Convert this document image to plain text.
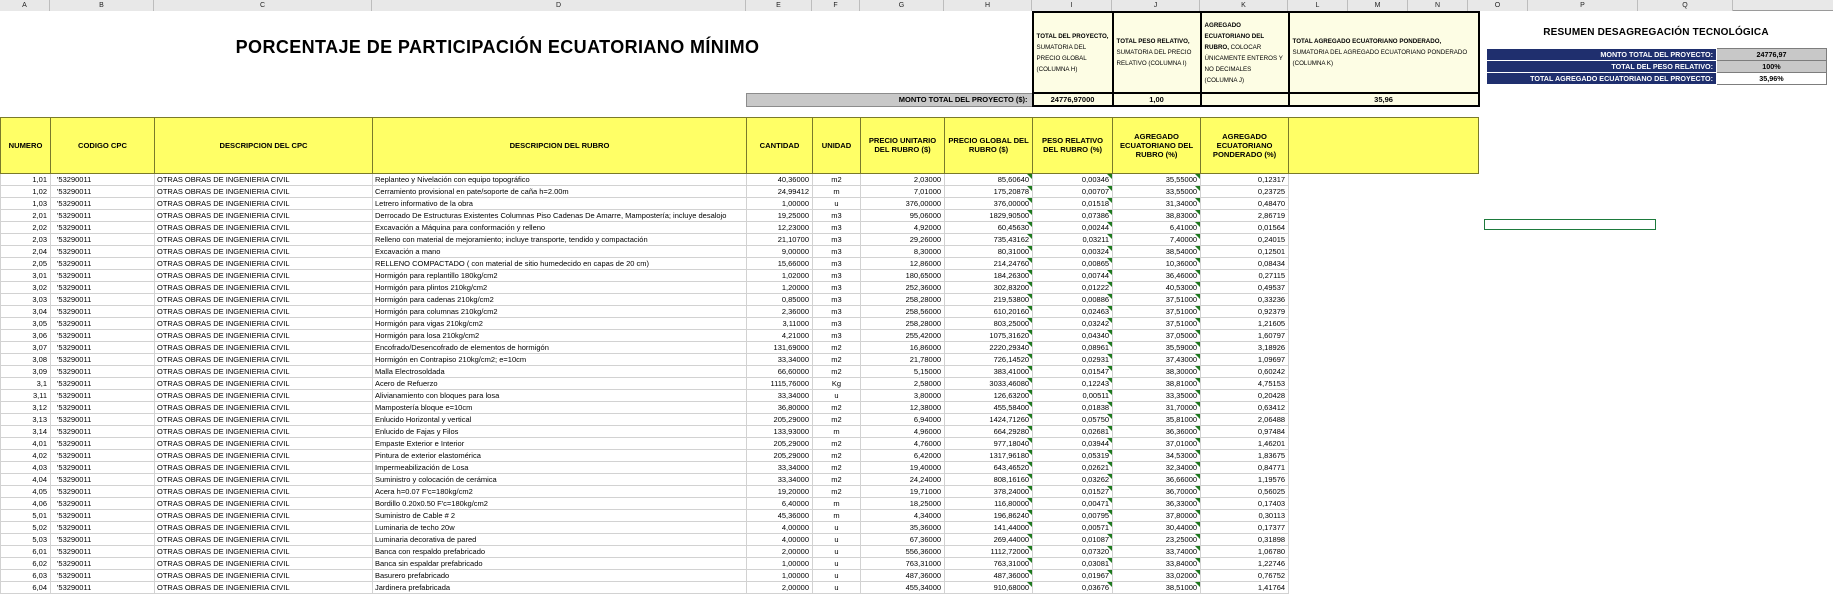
A	B	C	D	E	F	G	H	I	J	K	L	M	N	O	P	Q
	PORCENTAJE DE PARTICIPACIÓN ECUATORIANO MÍNIMO							TOTAL DEL PROYECTO, SUMATORIA DEL PRECIO GLOBAL (COLUMNA H)	TOTAL PESO RELATIVO, SUMATORIA DEL PRECIO RELATIVO (COLUMNA I)	AGREGADO ECUATORIANO DEL RUBRO, COLOCAR ÚNICAMENTE ENTEROS Y NO DECIMALES (COLUMNA J)	TOTAL AGREGADO ECUATORIANO PONDERADO, SUMATORIA DEL AGREGADO ECUATORIANO PONDERADO (COLUMNA K)	

				MONTO TOTAL DEL PROYECTO ($):				24776,97000	1,00		35,96	

NUMERO	CODIGO CPC	DESCRIPCION DEL CPC	DESCRIPCION DEL RUBRO	CANTIDAD	UNIDAD	PRECIO UNITARIO DEL RUBRO ($)	PRECIO GLOBAL DEL RUBRO ($)	PESO RELATIVO DEL RUBRO (%)	AGREGADO ECUATORIANO DEL RUBRO (%)	AGREGADO ECUATORIANO PONDERADO (%)		
1,01	'53290011	OTRAS OBRAS DE INGENIERIA CIVIL	Replanteo y Nivelación con equipo topográfico	40,36000	m2	2,03000	85,60640	0,00346	35,55000	0,12317		
1,02	'53290011	OTRAS OBRAS DE INGENIERIA CIVIL	Cerramiento provisional en pate/soporte de caña h=2.00m	24,99412	m	7,01000	175,20878	0,00707	33,55000	0,23725		
1,03	'53290011	OTRAS OBRAS DE INGENIERIA CIVIL	Letrero informativo de la obra	1,00000	u	376,00000	376,00000	0,01518	31,34000	0,48470		
2,01	'53290011	OTRAS OBRAS DE INGENIERIA CIVIL	Derrocado De Estructuras Existentes Columnas Piso Cadenas De Amarre, Mampostería; incluye desalojo	19,25000	m3	95,06000	1829,90500	0,07386	38,83000	2,86719		
2,02	'53290011	OTRAS OBRAS DE INGENIERIA CIVIL	Excavación a Máquina para conformación y relleno	12,23000	m3	4,92000	60,45630	0,00244	6,41000	0,01564		
2,03	'53290011	OTRAS OBRAS DE INGENIERIA CIVIL	Relleno con material de mejoramiento; incluye transporte, tendido y compactación	21,10700	m3	29,26000	735,43162	0,03211	7,40000	0,24015		
2,04	'53290011	OTRAS OBRAS DE INGENIERIA CIVIL	Excavación a mano	9,00000	m3	8,30000	80,31000	0,00324	38,54000	0,12501		
2,05	'53290011	OTRAS OBRAS DE INGENIERIA CIVIL	RELLENO COMPACTADO ( con material de sitio humedecido en capas de 20 cm)	15,66000	m3	12,86000	214,24760	0,00865	10,36000	0,08434		
3,01	'53290011	OTRAS OBRAS DE INGENIERIA CIVIL	Hormigón para replantillo 180kg/cm2	1,02000	m3	180,65000	184,26300	0,00744	36,46000	0,27115		
3,02	'53290011	OTRAS OBRAS DE INGENIERIA CIVIL	Hormigón para plintos 210kg/cm2	1,20000	m3	252,36000	302,83200	0,01222	40,53000	0,49537		
3,03	'53290011	OTRAS OBRAS DE INGENIERIA CIVIL	Hormigón para cadenas 210kg/cm2	0,85000	m3	258,28000	219,53800	0,00886	37,51000	0,33236		
3,04	'53290011	OTRAS OBRAS DE INGENIERIA CIVIL	Hormigón para columnas 210kg/cm2	2,36000	m3	258,56000	610,20160	0,02463	37,51000	0,92379		
3,05	'53290011	OTRAS OBRAS DE INGENIERIA CIVIL	Hormigón para vigas 210kg/cm2	3,11000	m3	258,28000	803,25000	0,03242	37,51000	1,21605		
3,06	'53290011	OTRAS OBRAS DE INGENIERIA CIVIL	Hormigón para losa 210kg/cm2	4,21000	m3	255,42000	1075,31620	0,04340	37,05000	1,60797		
3,07	'53290011	OTRAS OBRAS DE INGENIERIA CIVIL	Encofrado/Desencofrado de elementos de hormigón	131,69000	m2	16,86000	2220,29340	0,08961	35,59000	3,18926		
3,08	'53290011	OTRAS OBRAS DE INGENIERIA CIVIL	Hormigón en Contrapiso 210kg/cm2; e=10cm	33,34000	m2	21,78000	726,14520	0,02931	37,43000	1,09697		
3,09	'53290011	OTRAS OBRAS DE INGENIERIA CIVIL	Malla Electrosoldada	66,60000	m2	5,15000	383,41000	0,01547	38,30000	0,60242		
3,1	'53290011	OTRAS OBRAS DE INGENIERIA CIVIL	Acero de Refuerzo	1115,76000	Kg	2,58000	3033,46080	0,12243	38,81000	4,75153		
3,11	'53290011	OTRAS OBRAS DE INGENIERIA CIVIL	Alivianamiento con bloques para losa	33,34000	u	3,80000	126,63200	0,00511	33,35000	0,20428		
3,12	'53290011	OTRAS OBRAS DE INGENIERIA CIVIL	Mampostería bloque e=10cm	36,80000	m2	12,38000	455,58400	0,01838	31,70000	0,63412		
3,13	'53290011	OTRAS OBRAS DE INGENIERIA CIVIL	Enlucido Horizontal y vertical	205,29000	m2	6,94000	1424,71260	0,05750	35,81000	2,06488		
3,14	'53290011	OTRAS OBRAS DE INGENIERIA CIVIL	Enlucido de Fajas y Filos	133,93000	m	4,96000	664,29280	0,02681	36,36000	0,97484		
4,01	'53290011	OTRAS OBRAS DE INGENIERIA CIVIL	Empaste Exterior e Interior	205,29000	m2	4,76000	977,18040	0,03944	37,01000	1,46201		
4,02	'53290011	OTRAS OBRAS DE INGENIERIA CIVIL	Pintura de exterior elastomérica	205,29000	m2	6,42000	1317,96180	0,05319	34,53000	1,83675		
4,03	'53290011	OTRAS OBRAS DE INGENIERIA CIVIL	Impermeabilización de Losa	33,34000	m2	19,40000	643,46520	0,02621	32,34000	0,84771		
4,04	'53290011	OTRAS OBRAS DE INGENIERIA CIVIL	Suministro y colocación de cerámica	33,34000	m2	24,24000	808,16160	0,03262	36,66000	1,19576		
4,05	'53290011	OTRAS OBRAS DE INGENIERIA CIVIL	Acera h=0.07 F'c=180kg/cm2	19,20000	m2	19,71000	378,24000	0,01527	36,70000	0,56025		
4,06	'53290011	OTRAS OBRAS DE INGENIERIA CIVIL	Bordillo 0.20x0.50 F'c=180kg/cm2	6,40000	m	18,25000	116,80000	0,00471	36,33000	0,17403		
5,01	'53290011	OTRAS OBRAS DE INGENIERIA CIVIL	Suministro de Cable # 2	45,36000	m	4,34000	196,86240	0,00795	37,80000	0,30113		
5,02	'53290011	OTRAS OBRAS DE INGENIERIA CIVIL	Luminaria de techo 20w	4,00000	u	35,36000	141,44000	0,00571	30,44000	0,17377		
5,03	'53290011	OTRAS OBRAS DE INGENIERIA CIVIL	Luminaria decorativa de pared	4,00000	u	67,36000	269,44000	0,01087	23,25000	0,31898		
6,01	'53290011	OTRAS OBRAS DE INGENIERIA CIVIL	Banca con respaldo prefabricado	2,00000	u	556,36000	1112,72000	0,07320	33,74000	1,06780		
6,02	'53290011	OTRAS OBRAS DE INGENIERIA CIVIL	Banca sin espaldar prefabricado	1,00000	u	763,31000	763,31000	0,03081	33,84000	1,22746		
6,03	'53290011	OTRAS OBRAS DE INGENIERIA CIVIL	Basurero prefabricado	1,00000	u	487,36000	487,36000	0,01967	33,02000	0,76752		
6,04	'53290011	OTRAS OBRAS DE INGENIERIA CIVIL	Jardinera prefabricada	2,00000	u	455,34000	910,68000	0,03676	38,51000	1,41764		
RESUMEN DESAGREGACIÓN TECNOLÓGICA
MONTO TOTAL DEL PROYECTO:	24776,97
TOTAL DEL PESO RELATIVO:	100%
TOTAL AGREGADO ECUATORIANO DEL PROYECTO:	35,96%
